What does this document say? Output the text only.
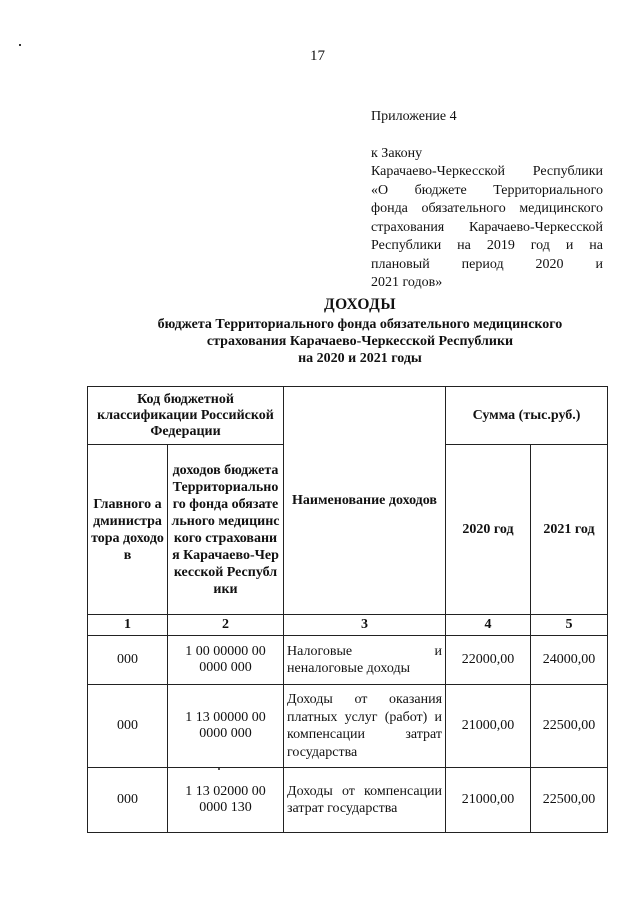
17
Приложение 4
к Закону
Карачаево-Черкесской Республики
«О бюджете Территориального
фонда обязательного медицинского
страхования Карачаево-Черкесской
Республики на 2019 год и на
плановый период 2020 и
2021 годов»
ДОХОДЫ
бюджета Территориального фонда обязательного медицинского
страхования Карачаево-Черкесской Республики
на 2020 и 2021 годы
Код бюджетной классификации Российской Федерации		Наименование доходов	Сумма (тыс.руб.)	
Главного администратора доходов	доходов бюджета Территориального фонда обязательного медицинского страхования Карачаево-Черкесской Республики		2020 год	2021 год
1	2	3	4	5
000	1 00 00000 00 0000 000	Налоговые и неналоговые доходы	22000,00	24000,00
000	1 13 00000 00 0000 000	Доходы от оказания платных услуг (работ) и компенсации затрат государства	21000,00	22500,00
000	1 13 02000 00 0000 130	Доходы от компенсации затрат государства	21000,00	22500,00
